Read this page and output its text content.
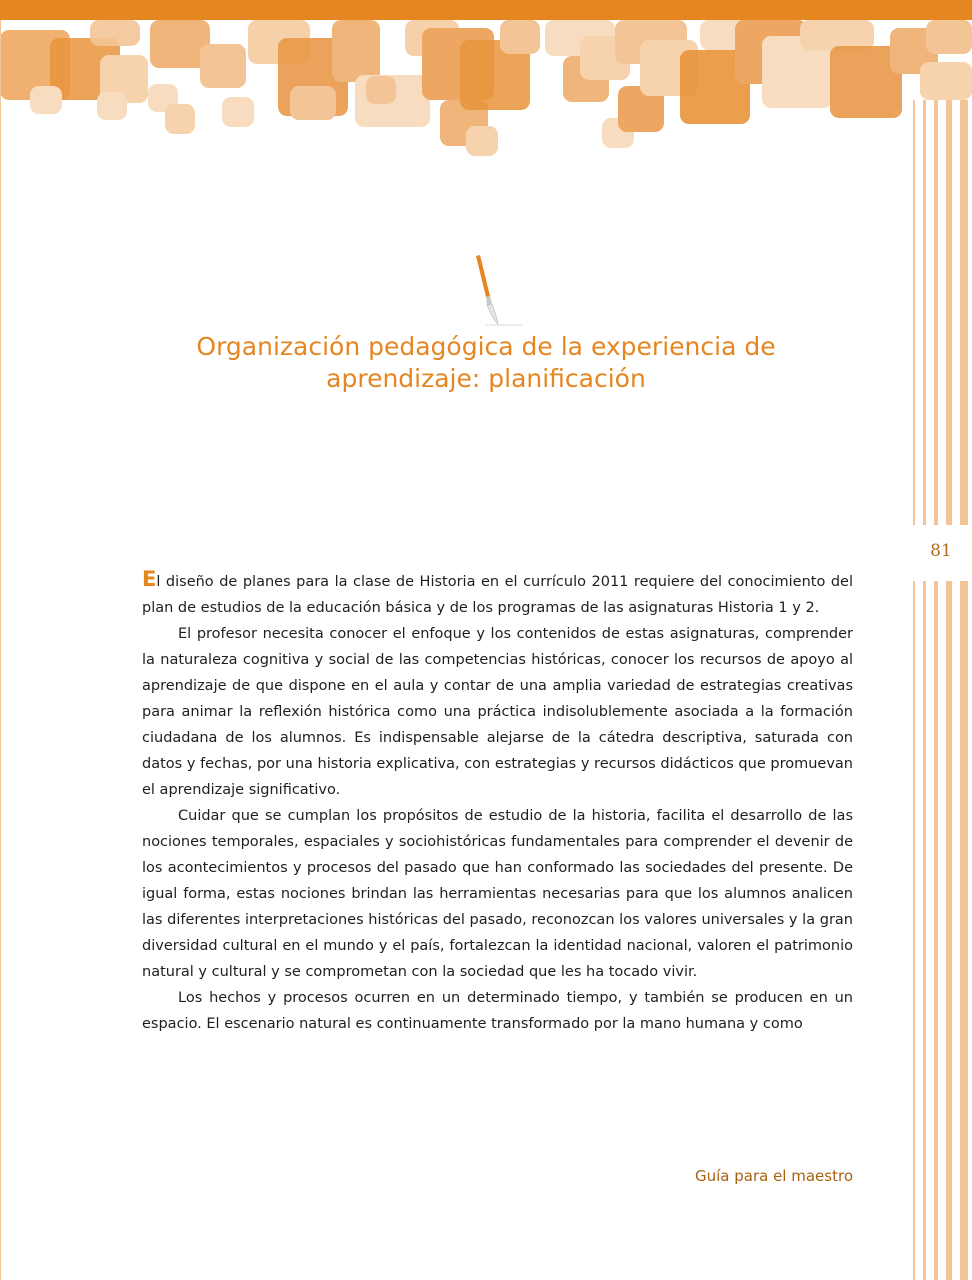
81
Organización pedagógica de la experiencia de
aprendizaje: planificación

El diseño de planes para la clase de Historia en el currículo 2011 requiere del conocimiento del plan de estudios de la educación básica y de los programas de las asignaturas Historia 1 y 2.

El profesor necesita conocer el enfoque y los contenidos de estas asignaturas, comprender la naturaleza cognitiva y social de las competencias históricas, conocer los recursos de apoyo al aprendizaje de que dispone en el aula y contar de una amplia variedad de estrategias creativas para animar la reflexión histórica como una práctica indisolublemente asociada a la formación ciudadana de los alumnos. Es indispensable alejarse de la cátedra descriptiva, saturada con datos y fechas, por una historia explicativa, con estrategias y recursos didácticos que promuevan el aprendizaje significativo.

Cuidar que se cumplan los propósitos de estudio de la historia, facilita el desarrollo de las nociones temporales, espaciales y sociohistóricas fundamentales para comprender el devenir de los acontecimientos y procesos del pasado que han conformado las sociedades del presente. De igual forma, estas nociones brindan las herramientas necesarias para que los alumnos analicen las diferentes interpretaciones históricas del pasado, reconozcan los valores universales y la gran diversidad cultural en el mundo y el país, fortalezcan la identidad nacional, valoren el patrimonio natural y cultural y se comprometan con la sociedad que les ha tocado vivir.

Los hechos y procesos ocurren en un determinado tiempo, y también se producen en un espacio. El escenario natural es continuamente transformado por la mano humana y como

Guía para el maestro
